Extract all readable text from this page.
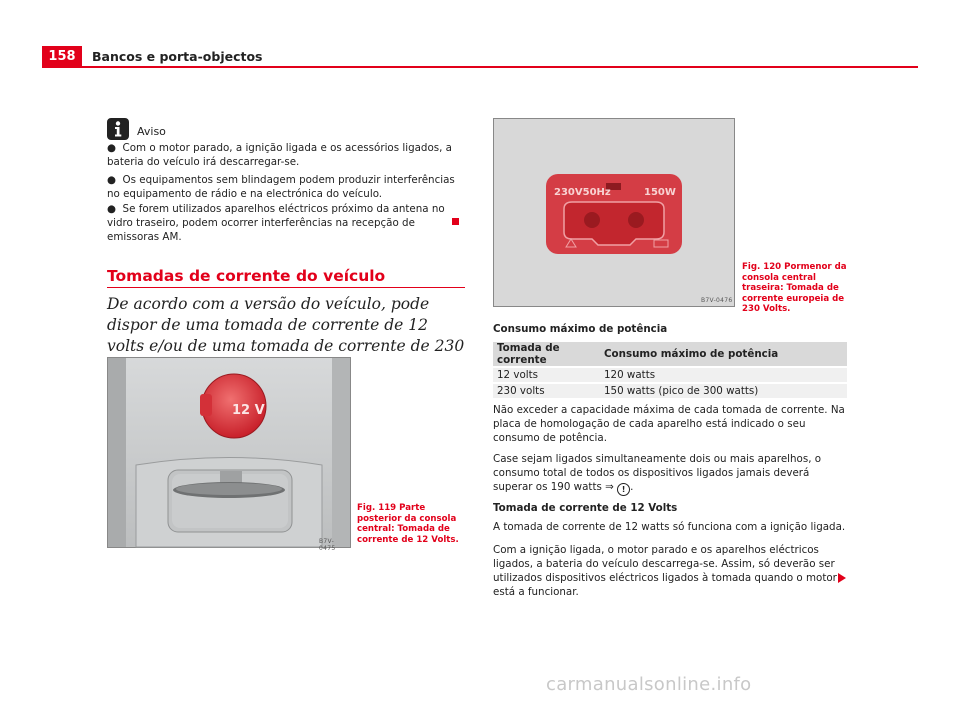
158	Bancos e porta-objectos
Aviso
● Com o motor parado, a ignição ligada e os acessórios ligados, a bateria do veículo irá descarregar-se.
● Os equipamentos sem blindagem podem produzir interferências no equipamento de rádio e na electrónica do veículo.
● Se forem utilizados aparelhos eléctricos próximo da antena no vidro traseiro, podem ocorrer interferências na recepção de emissoras AM.
Tomadas de corrente do veículo
De acordo com a versão do veículo, pode dispor de uma tomada de corrente de 12 volts e/ou de uma tomada de corrente de 230
12 V
B7V-0475
Fig. 119 Parte posterior da consola central: Tomada de corrente de 12 Volts.
230V50Hz	150W
B7V-0476
Fig. 120 Pormenor da consola central traseira: Tomada de corrente europeia de 230 Volts.
Consumo máximo de potência
Tomada de corrente	Consumo máximo de potência
12 volts	120 watts
230 volts	150 watts (pico de 300 watts)
Não exceder a capacidade máxima de cada tomada de corrente. Na placa de homologação de cada aparelho está indicado o seu consumo de potência.
Case sejam ligados simultaneamente dois ou mais aparelhos, o consumo total de todos os dispositivos ligados jamais deverá superar os 190 watts ⇒ ! .
Tomada de corrente de 12 Volts
A tomada de corrente de 12 watts só funciona com a ignição ligada.
Com a ignição ligada, o motor parado e os aparelhos eléctricos ligados, a bateria do veículo descarrega-se. Assim, só deverão ser utilizados dispositivos eléctricos ligados à tomada quando o motor está a funcionar.
carmanualsonline.info
